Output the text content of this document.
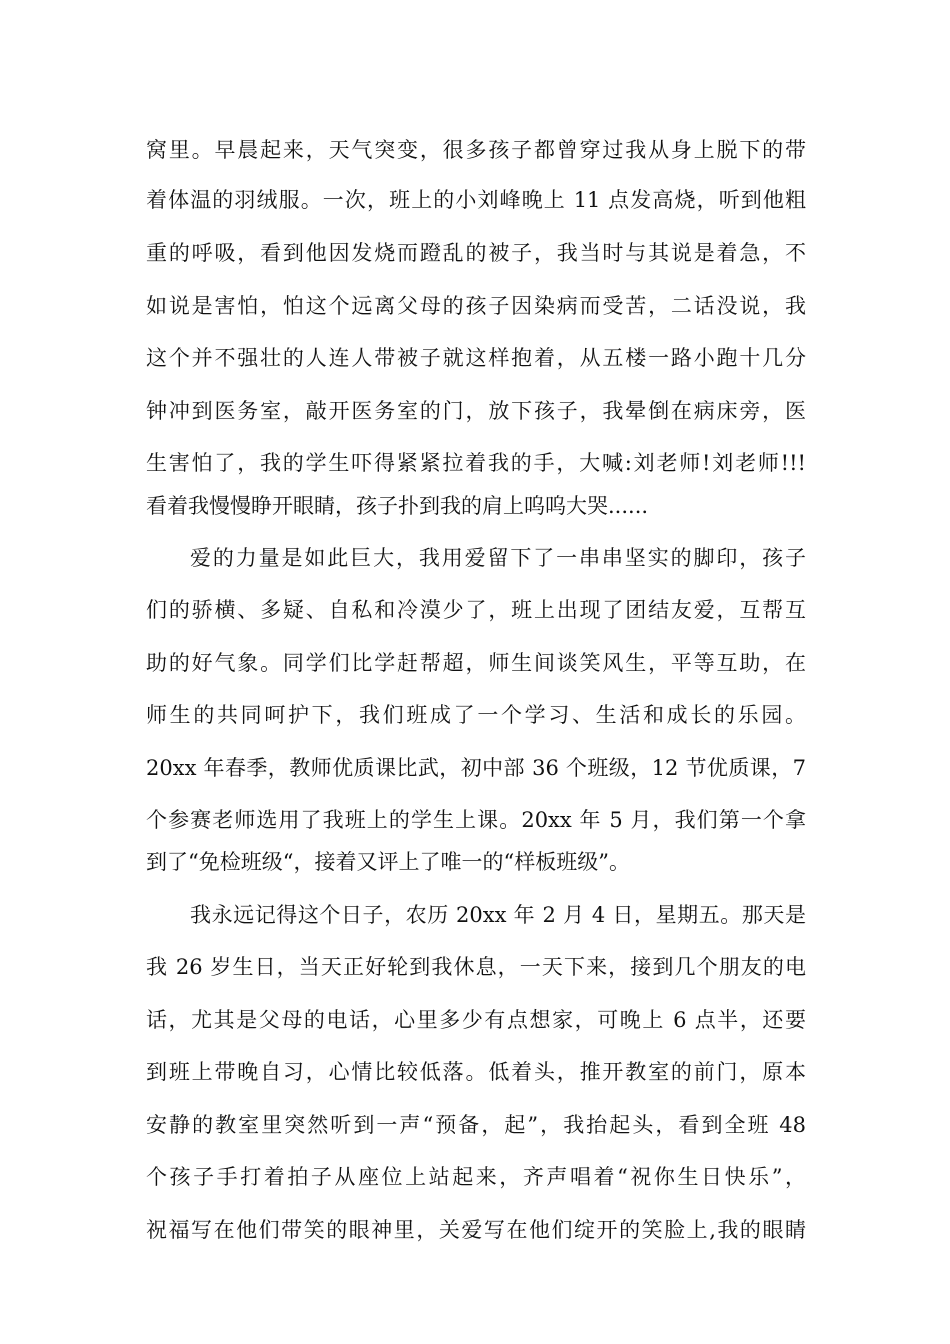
窝里。早晨起来，天气突变，很多孩子都曾穿过我从身上脱下的带
着体温的羽绒服。一次，班上的小刘峰晚上 11 点发高烧，听到他粗
重的呼吸，看到他因发烧而蹬乱的被子，我当时与其说是着急，不
如说是害怕，怕这个远离父母的孩子因染病而受苦，二话没说，我
这个并不强壮的人连人带被子就这样抱着，从五楼一路小跑十几分
钟冲到医务室，敲开医务室的门，放下孩子，我晕倒在病床旁，医
生害怕了，我的学生吓得紧紧拉着我的手，大喊:刘老师!刘老师!!!
看着我慢慢睁开眼睛，孩子扑到我的肩上呜呜大哭......
爱的力量是如此巨大，我用爱留下了一串串坚实的脚印，孩子
们的骄横、多疑、自私和冷漠少了，班上出现了团结友爱，互帮互
助的好气象。同学们比学赶帮超，师生间谈笑风生，平等互助，在
师生的共同呵护下，我们班成了一个学习、生活和成长的乐园。
20xx 年春季，教师优质课比武，初中部 36 个班级，12 节优质课，7
个参赛老师选用了我班上的学生上课。20xx 年 5 月，我们第一个拿
到了“免检班级“，接着又评上了唯一的“样板班级”。
我永远记得这个日子，农历 20xx 年 2 月 4 日，星期五。那天是
我 26 岁生日，当天正好轮到我休息，一天下来，接到几个朋友的电
话，尤其是父母的电话，心里多少有点想家，可晚上 6 点半，还要
到班上带晚自习，心情比较低落。低着头，推开教室的前门，原本
安静的教室里突然听到一声“预备，起”，我抬起头，看到全班 48
个孩子手打着拍子从座位上站起来，齐声唱着“祝你生日快乐”，
祝福写在他们带笑的眼神里，关爱写在他们绽开的笑脸上,我的眼睛
